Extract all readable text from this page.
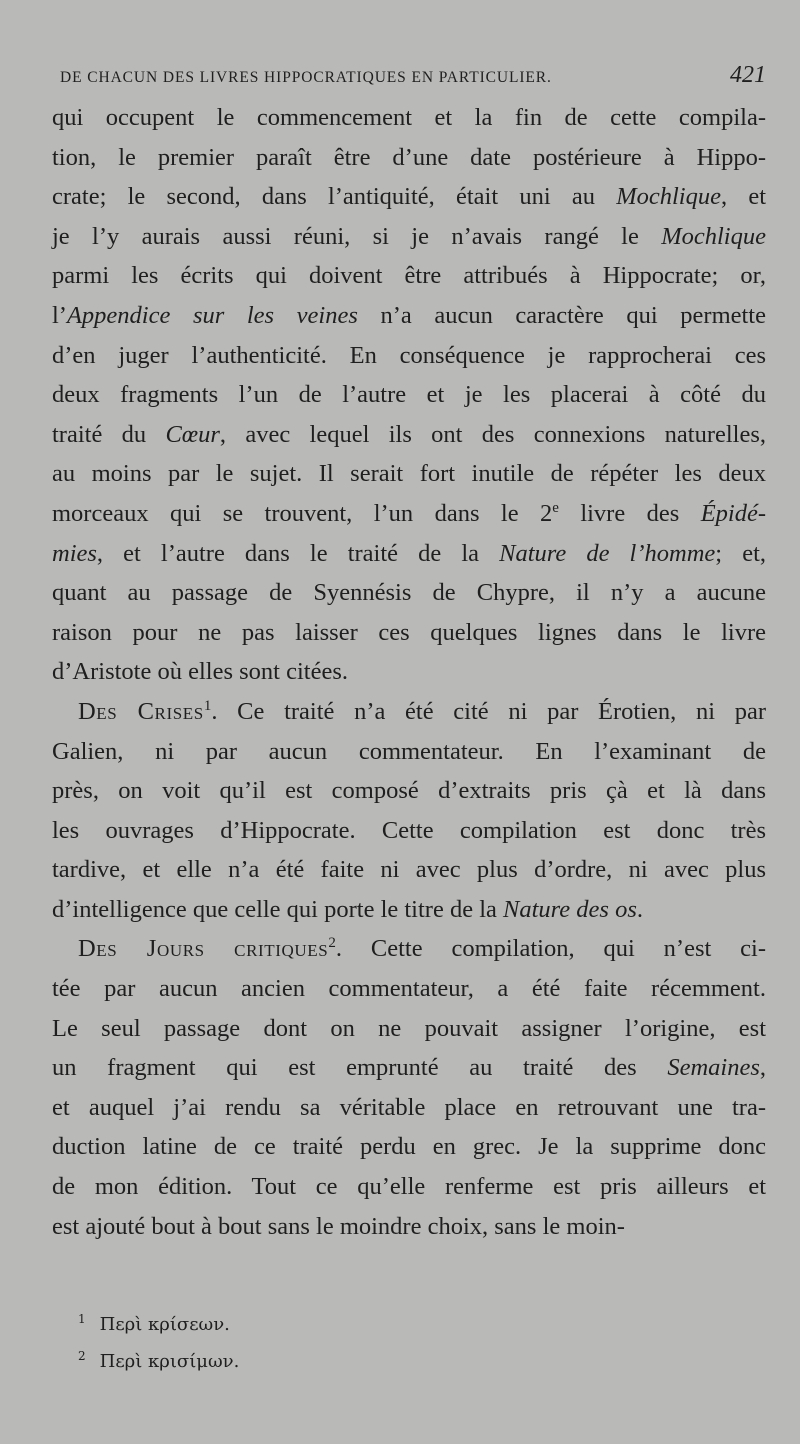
DE CHACUN DES LIVRES HIPPOCRATIQUES EN PARTICULIER.	421
qui occupent le commencement et la fin de cette compila-
tion, le premier paraît être d’une date postérieure à Hippo-
crate; le second, dans l’antiquité, était uni au Mochlique, et
je l’y aurais aussi réuni, si je n’avais rangé le Mochlique
parmi les écrits qui doivent être attribués à Hippocrate; or,
l’Appendice sur les veines n’a aucun caractère qui permette
d’en juger l’authenticité. En conséquence je rapprocherai ces
deux fragments l’un de l’autre et je les placerai à côté du
traité du Cœur, avec lequel ils ont des connexions naturelles,
au moins par le sujet. Il serait fort inutile de répéter les deux
morceaux qui se trouvent, l’un dans le 2e livre des Épidé-
mies, et l’autre dans le traité de la Nature de l’homme; et,
quant au passage de Syennésis de Chypre, il n’y a aucune
raison pour ne pas laisser ces quelques lignes dans le livre
d’Aristote où elles sont citées.
Des Crises$^1$. Ce traité n’a été cité ni par Érotien, ni par
Galien, ni par aucun commentateur. En l’examinant de
près, on voit qu’il est composé d’extraits pris çà et là dans
les ouvrages d’Hippocrate. Cette compilation est donc très
tardive, et elle n’a été faite ni avec plus d’ordre, ni avec plus
d’intelligence que celle qui porte le titre de la Nature des os.
Des Jours critiques$^2$. Cette compilation, qui n’est ci-
tée par aucun ancien commentateur, a été faite récemment.
Le seul passage dont on ne pouvait assigner l’origine, est
un fragment qui est emprunté au traité des Semaines,
et auquel j’ai rendu sa véritable place en retrouvant une tra-
duction latine de ce traité perdu en grec. Je la supprime donc
de mon édition. Tout ce qu’elle renferme est pris ailleurs et
est ajouté bout à bout sans le moindre choix, sans le moin-
$^1$ Περὶ κρίσεων.
$^2$ Περὶ κρισίμων.
